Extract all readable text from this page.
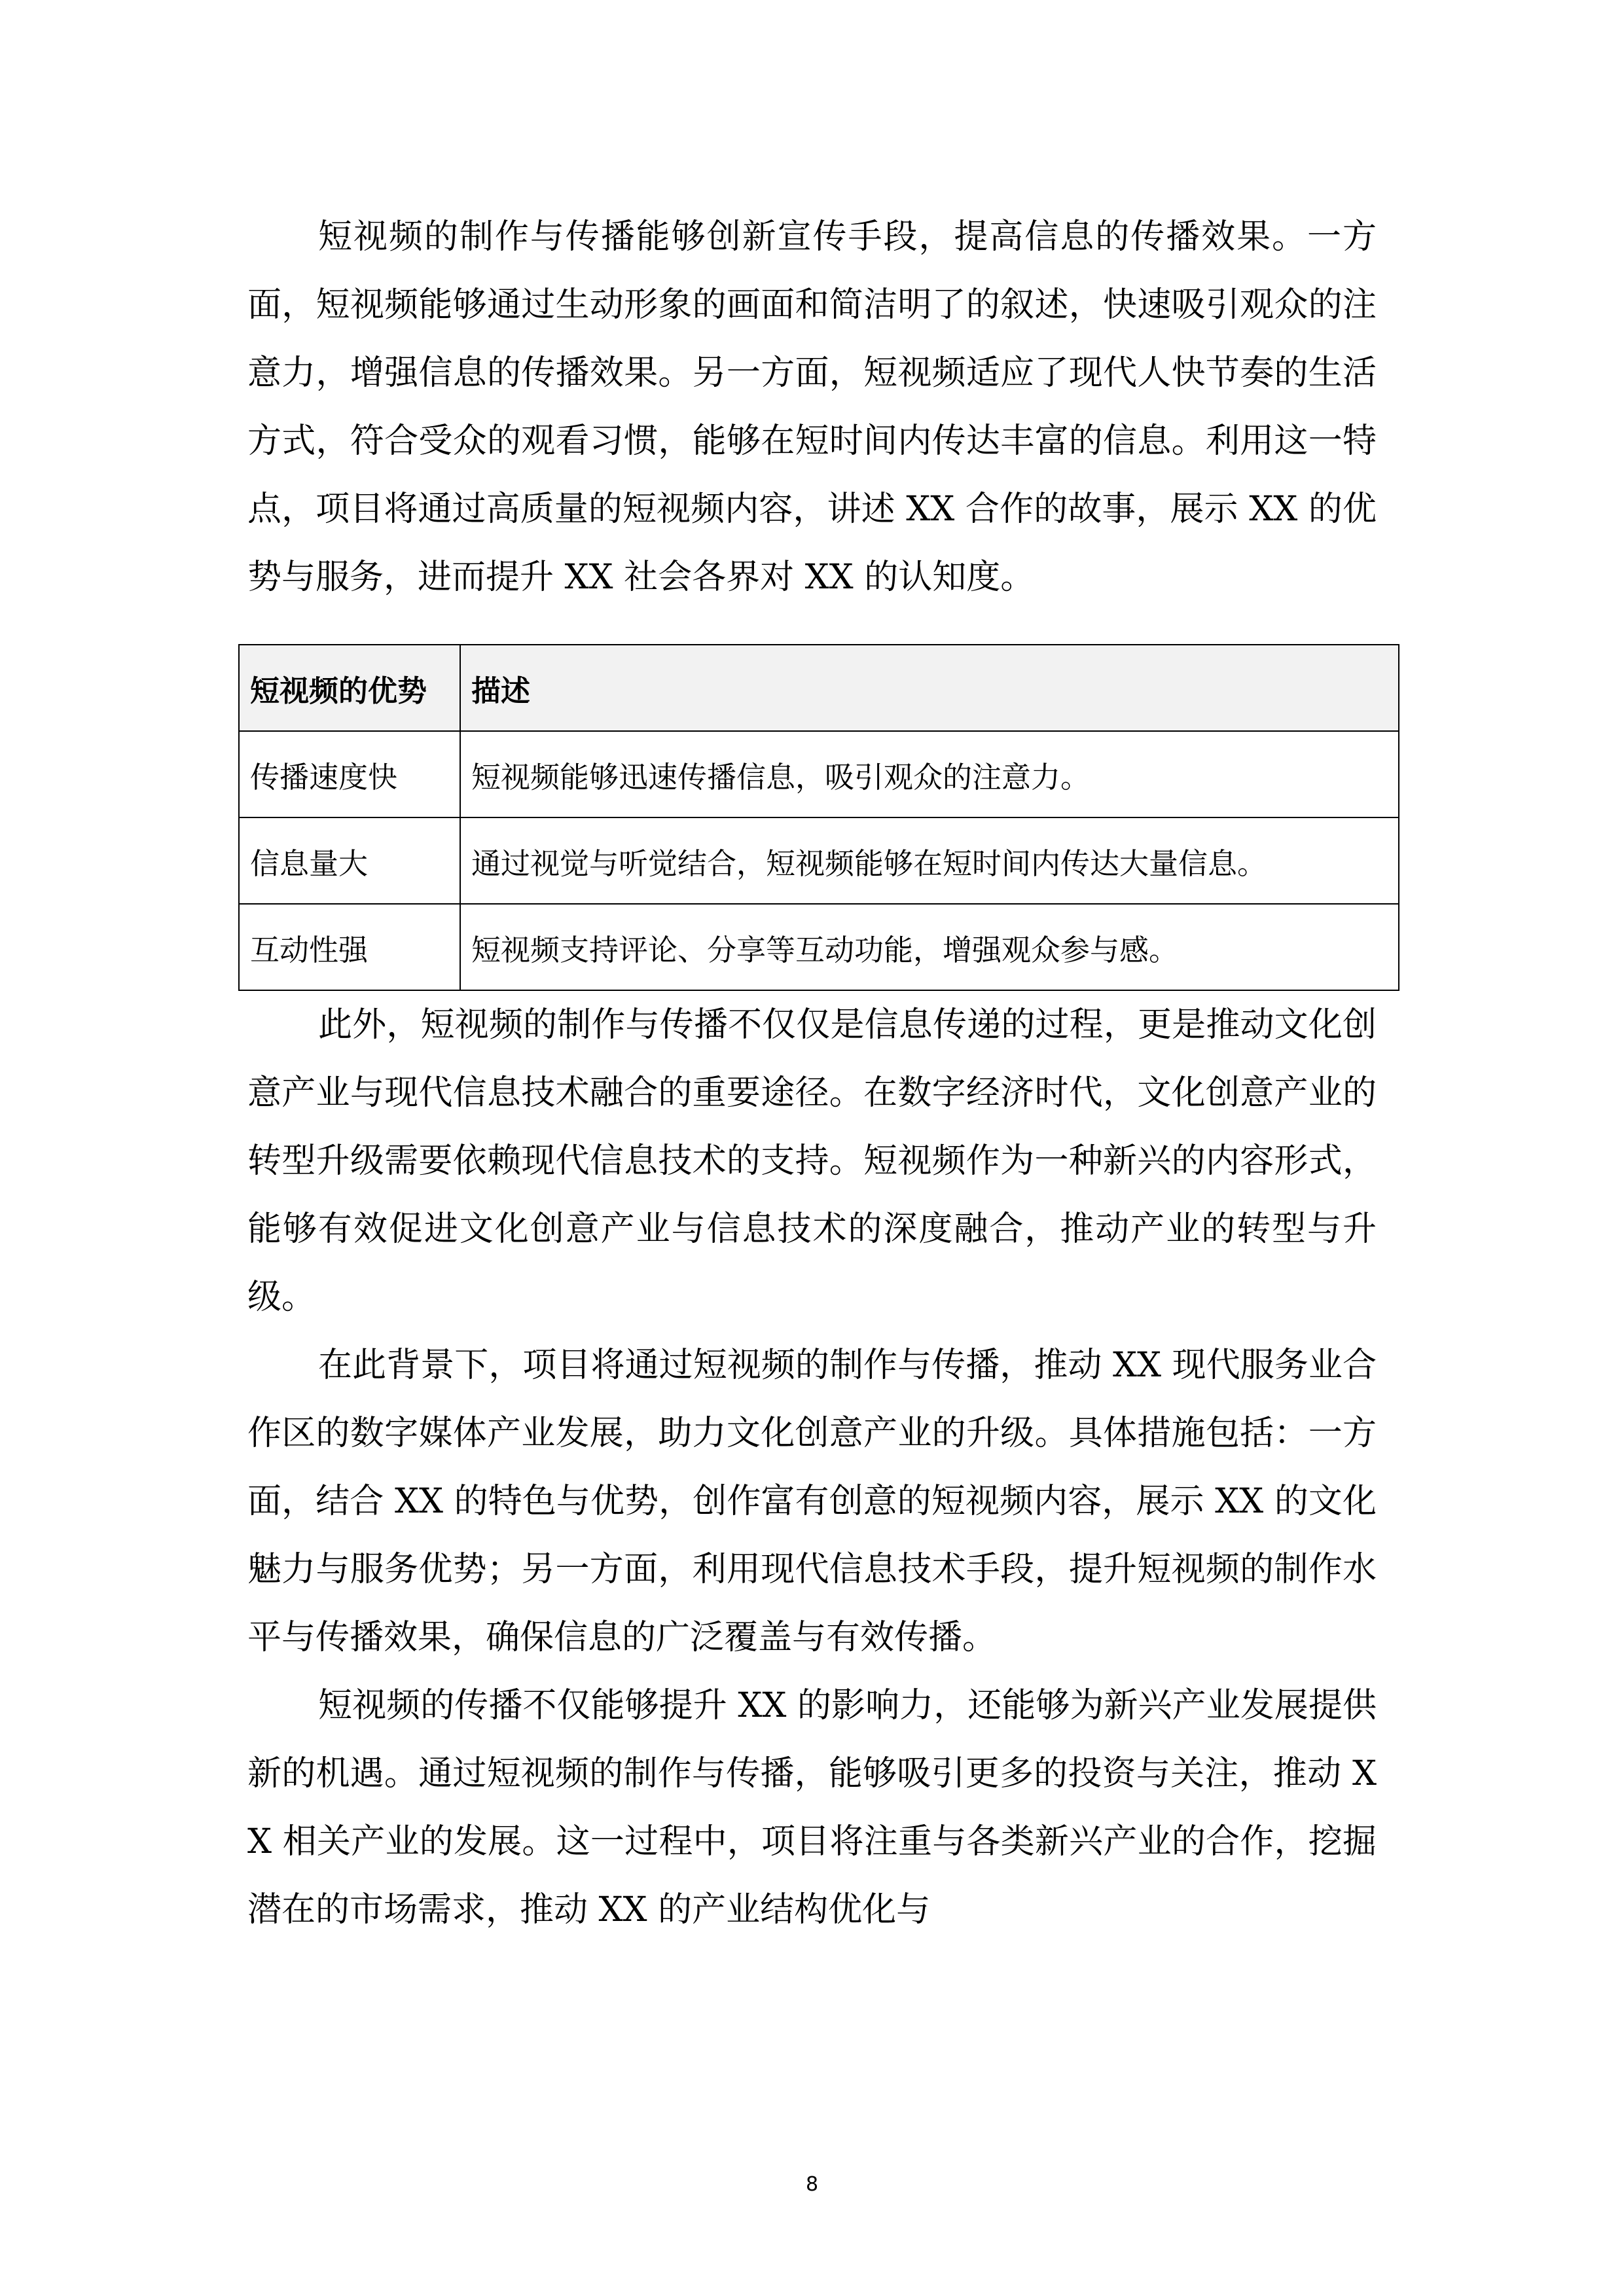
短视频的制作与传播能够创新宣传手段，提高信息的传播效果。一方面，短视频能够通过生动形象的画面和简洁明了的叙述，快速吸引观众的注意力，增强信息的传播效果。另一方面，短视频适应了现代人快节奏的生活方式，符合受众的观看习惯，能够在短时间内传达丰富的信息。利用这一特点，项目将通过高质量的短视频内容，讲述 XX 合作的故事，展示 XX 的优势与服务，进而提升 XX 社会各界对 XX 的认知度。

短视频的优势	描述
传播速度快	短视频能够迅速传播信息，吸引观众的注意力。
信息量大	通过视觉与听觉结合，短视频能够在短时间内传达大量信息。
互动性强	短视频支持评论、分享等互动功能，增强观众参与感。

此外，短视频的制作与传播不仅仅是信息传递的过程，更是推动文化创意产业与现代信息技术融合的重要途径。在数字经济时代，文化创意产业的转型升级需要依赖现代信息技术的支持。短视频作为一种新兴的内容形式，能够有效促进文化创意产业与信息技术的深度融合，推动产业的转型与升级。

在此背景下，项目将通过短视频的制作与传播，推动 XX 现代服务业合作区的数字媒体产业发展，助力文化创意产业的升级。具体措施包括：一方面，结合 XX 的特色与优势，创作富有创意的短视频内容，展示 XX 的文化魅力与服务优势；另一方面，利用现代信息技术手段，提升短视频的制作水平与传播效果，确保信息的广泛覆盖与有效传播。

短视频的传播不仅能够提升 XX 的影响力，还能够为新兴产业发展提供新的机遇。通过短视频的制作与传播，能够吸引更多的投资与关注，推动 XX 相关产业的发展。这一过程中，项目将注重与各类新兴产业的合作，挖掘潜在的市场需求，推动 XX 的产业结构优化与

8
